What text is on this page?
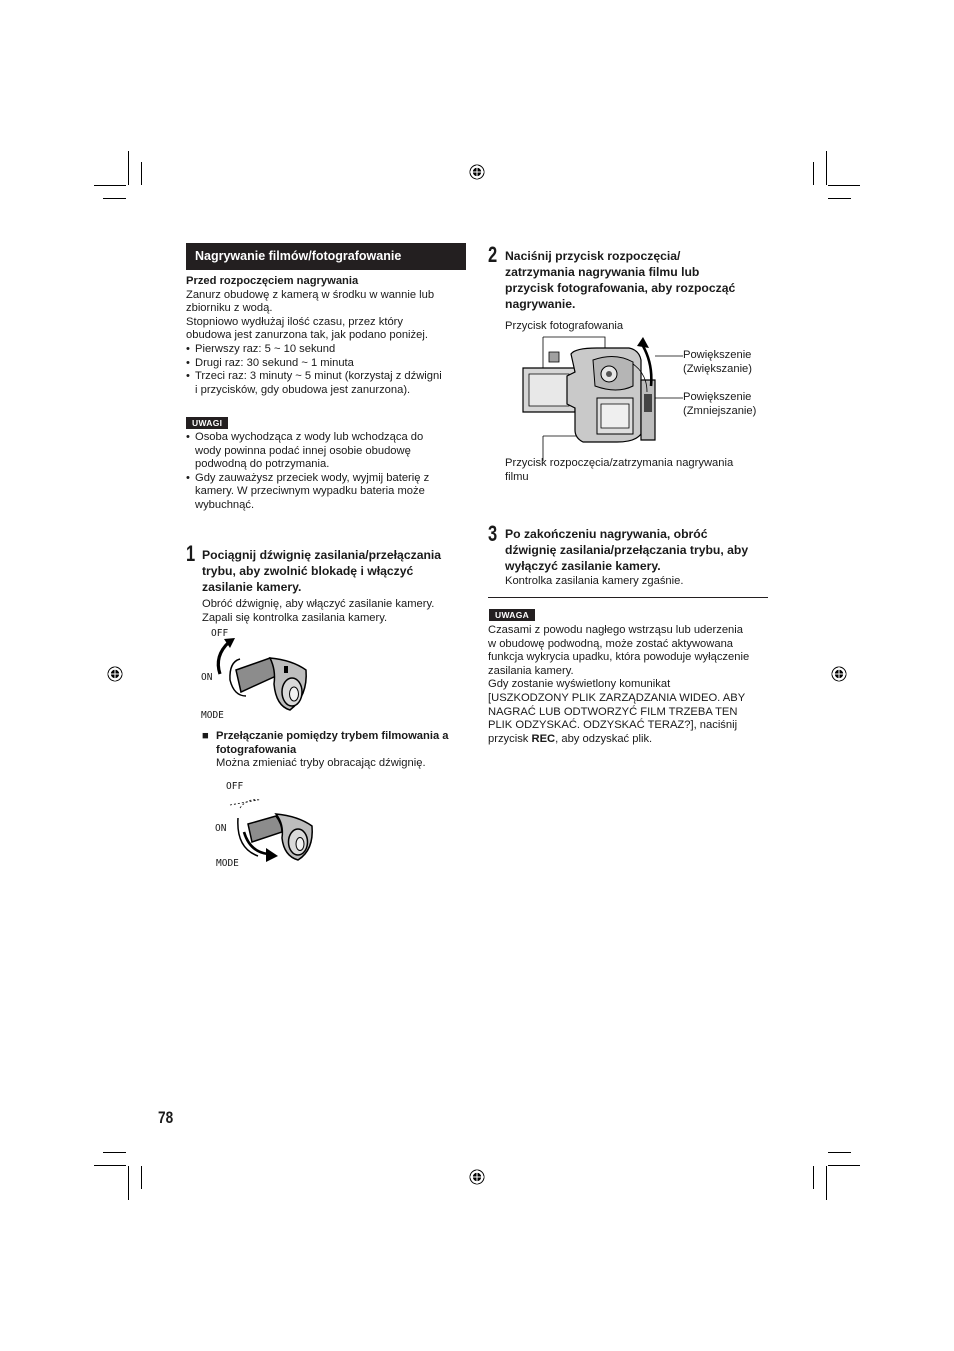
Nagrywanie filmów/fotografowanie
Przed rozpoczęciem nagrywania
Zanurz obudowę z kamerą w środku w wannie lub
zbiorniku z wodą.
Stopniowo wydłużaj ilość czasu, przez który
obudowa jest zanurzona tak, jak podano poniżej.
• Pierwszy raz: 5 ~ 10 sekund
• Drugi raz: 30 sekund ~ 1 minuta
• Trzeci raz: 3 minuty ~ 5 minut (korzystaj z dźwigni
i przycisków, gdy obudowa jest zanurzona).
UWAGI
• Osoba wychodząca z wody lub wchodząca do
wody powinna podać innej osobie obudowę
podwodną do potrzymania.
• Gdy zauważysz przeciek wody, wyjmij baterię z
kamery. W przeciwnym wypadku bateria może
wybuchnąć.
1 Pociągnij dźwignię zasilania/przełączania
trybu, aby zwolnić blokadę i włączyć
zasilanie kamery.
Obróć dźwignię, aby włączyć zasilanie kamery.
Zapali się kontrolka zasilania kamery.
OFF
ON
MODE
■ Przełączanie pomiędzy trybem filmowania a
fotografowania
Można zmieniać tryby obracając dźwignię.
OFF
ON
MODE
78
2 Naciśnij przycisk rozpoczęcia/
zatrzymania nagrywania filmu lub
przycisk fotografowania, aby rozpocząć
nagrywanie.
Przycisk fotografowania
Powiększenie
(Zwiększanie)
Powiększenie
(Zmniejszanie)
Przycisk rozpoczęcia/zatrzymania nagrywania
filmu
3 Po zakończeniu nagrywania, obróć
dźwignię zasilania/przełączania trybu, aby
wyłączyć zasilanie kamery.
Kontrolka zasilania kamery zgaśnie.
UWAGA
Czasami z powodu nagłego wstrząsu lub uderzenia
w obudowę podwodną, może zostać aktywowana
funkcja wykrycia upadku, która powoduje wyłączenie
zasilania kamery.
Gdy zostanie wyświetlony komunikat
[USZKODZONY PLIK ZARZĄDZANIA WIDEO. ABY
NAGRAĆ LUB ODTWORZYĆ FILM TRZEBA TEN
PLIK ODZYSKAĆ. ODZYSKAĆ TERAZ?], naciśnij
przycisk REC, aby odzyskać plik.
